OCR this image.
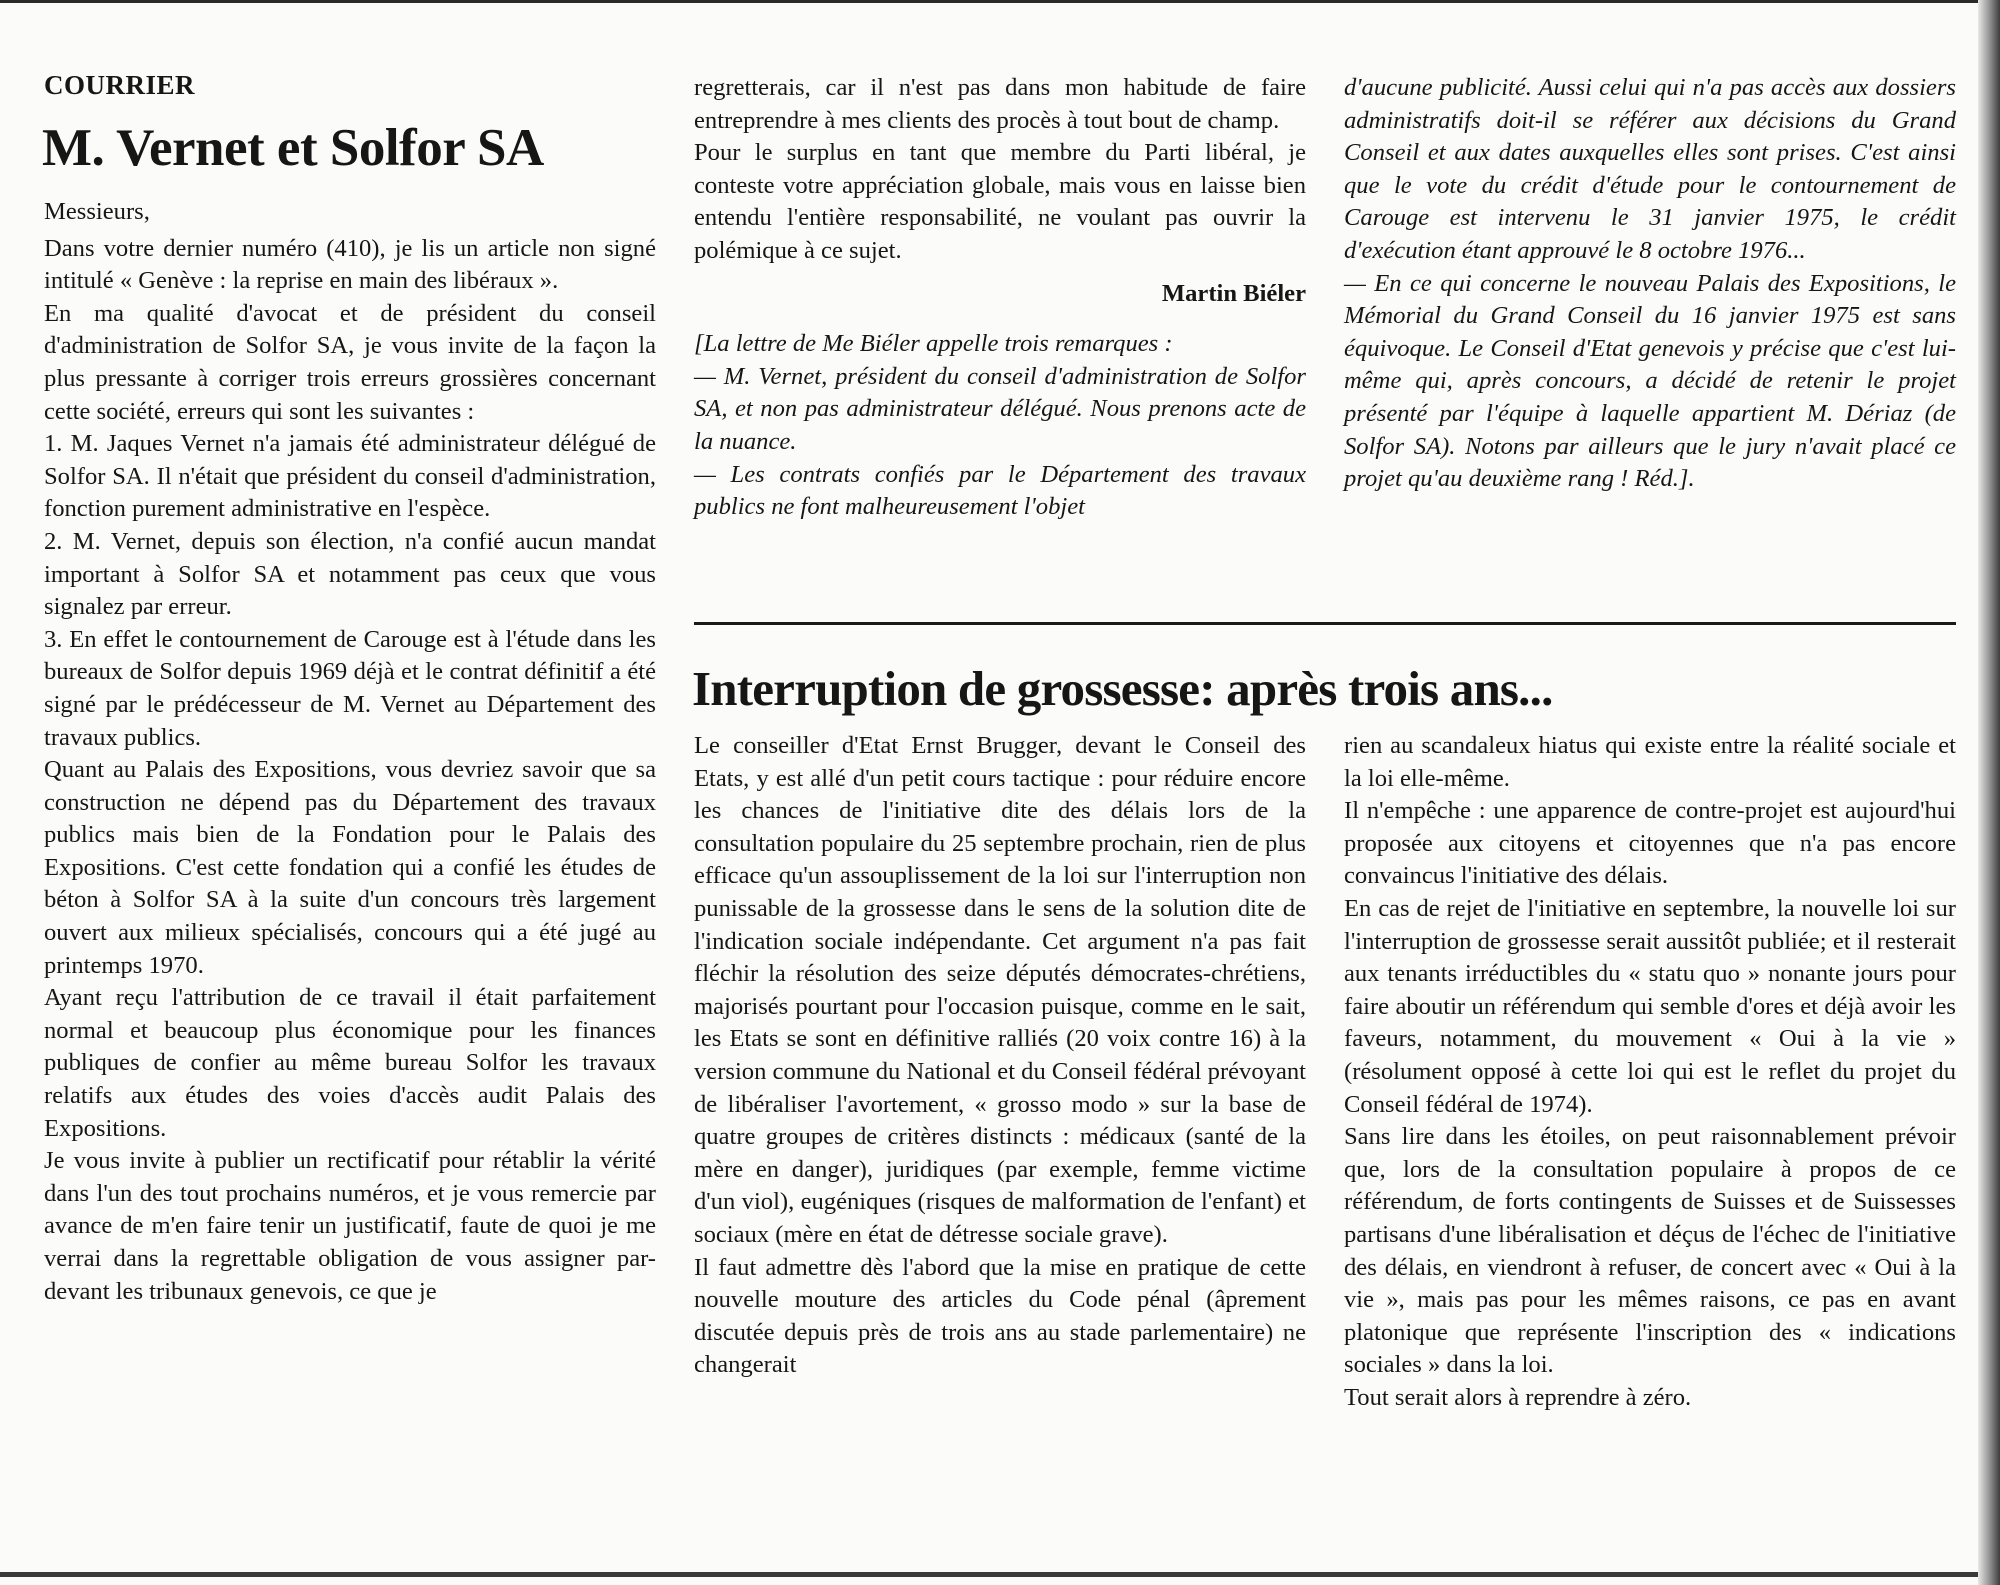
COURRIER
M. Vernet et Solfor SA

Messieurs,

Dans votre dernier numéro (410), je lis un article non signé intitulé « Genève : la reprise en main des libéraux ».

En ma qualité d'avocat et de président du conseil d'administration de Solfor SA, je vous invite de la façon la plus pressante à corriger trois erreurs grossières concernant cette société, erreurs qui sont les suivantes :

1. M. Jaques Vernet n'a jamais été administrateur délégué de Solfor SA. Il n'était que président du conseil d'administration, fonction purement administrative en l'espèce.

2. M. Vernet, depuis son élection, n'a confié aucun mandat important à Solfor SA et notamment pas ceux que vous signalez par erreur.

3. En effet le contournement de Carouge est à l'étude dans les bureaux de Solfor depuis 1969 déjà et le contrat définitif a été signé par le prédécesseur de M. Vernet au Département des travaux publics.

Quant au Palais des Expositions, vous devriez savoir que sa construction ne dépend pas du Département des travaux publics mais bien de la Fondation pour le Palais des Expositions. C'est cette fondation qui a confié les études de béton à Solfor SA à la suite d'un concours très largement ouvert aux milieux spécialisés, concours qui a été jugé au printemps 1970.

Ayant reçu l'attribution de ce travail il était parfaitement normal et beaucoup plus économique pour les finances publiques de confier au même bureau Solfor les travaux relatifs aux études des voies d'accès audit Palais des Expositions.

Je vous invite à publier un rectificatif pour rétablir la vérité dans l'un des tout prochains numéros, et je vous remercie par avance de m'en faire tenir un justificatif, faute de quoi je me verrai dans la regrettable obligation de vous assigner par-devant les tribunaux genevois, ce que je

regretterais, car il n'est pas dans mon habitude de faire entreprendre à mes clients des procès à tout bout de champ.

Pour le surplus en tant que membre du Parti libéral, je conteste votre appréciation globale, mais vous en laisse bien entendu l'entière responsabilité, ne voulant pas ouvrir la polémique à ce sujet.

Martin Biéler

[La lettre de Me Biéler appelle trois remarques :

— M. Vernet, président du conseil d'administration de Solfor SA, et non pas administrateur délégué. Nous prenons acte de la nuance.

— Les contrats confiés par le Département des travaux publics ne font malheureusement l'objet

d'aucune publicité. Aussi celui qui n'a pas accès aux dossiers administratifs doit-il se référer aux décisions du Grand Conseil et aux dates auxquelles elles sont prises. C'est ainsi que le vote du crédit d'étude pour le contournement de Carouge est intervenu le 31 janvier 1975, le crédit d'exécution étant approuvé le 8 octobre 1976...

— En ce qui concerne le nouveau Palais des Expositions, le Mémorial du Grand Conseil du 16 janvier 1975 est sans équivoque. Le Conseil d'Etat genevois y précise que c'est lui-même qui, après concours, a décidé de retenir le projet présenté par l'équipe à laquelle appartient M. Dériaz (de Solfor SA). Notons par ailleurs que le jury n'avait placé ce projet qu'au deuxième rang ! Réd.].

Interruption de grossesse: après trois ans...

Le conseiller d'Etat Ernst Brugger, devant le Conseil des Etats, y est allé d'un petit cours tactique : pour réduire encore les chances de l'initiative dite des délais lors de la consultation populaire du 25 septembre prochain, rien de plus efficace qu'un assouplissement de la loi sur l'interruption non punissable de la grossesse dans le sens de la solution dite de l'indication sociale indépendante. Cet argument n'a pas fait fléchir la résolution des seize députés démocrates-chrétiens, majorisés pourtant pour l'occasion puisque, comme en le sait, les Etats se sont en définitive ralliés (20 voix contre 16) à la version commune du National et du Conseil fédéral prévoyant de libéraliser l'avortement, « grosso modo » sur la base de quatre groupes de critères distincts : médicaux (santé de la mère en danger), juridiques (par exemple, femme victime d'un viol), eugéniques (risques de malformation de l'enfant) et sociaux (mère en état de détresse sociale grave).

Il faut admettre dès l'abord que la mise en pratique de cette nouvelle mouture des articles du Code pénal (âprement discutée depuis près de trois ans au stade parlementaire) ne changerait

rien au scandaleux hiatus qui existe entre la réalité sociale et la loi elle-même.

Il n'empêche : une apparence de contre-projet est aujourd'hui proposée aux citoyens et citoyennes que n'a pas encore convaincus l'initiative des délais.

En cas de rejet de l'initiative en septembre, la nouvelle loi sur l'interruption de grossesse serait aussitôt publiée; et il resterait aux tenants irréductibles du « statu quo » nonante jours pour faire aboutir un référendum qui semble d'ores et déjà avoir les faveurs, notamment, du mouvement « Oui à la vie » (résolument opposé à cette loi qui est le reflet du projet du Conseil fédéral de 1974).

Sans lire dans les étoiles, on peut raisonnablement prévoir que, lors de la consultation populaire à propos de ce référendum, de forts contingents de Suisses et de Suissesses partisans d'une libéralisation et déçus de l'échec de l'initiative des délais, en viendront à refuser, de concert avec « Oui à la vie », mais pas pour les mêmes raisons, ce pas en avant platonique que représente l'inscription des « indications sociales » dans la loi.

Tout serait alors à reprendre à zéro.
